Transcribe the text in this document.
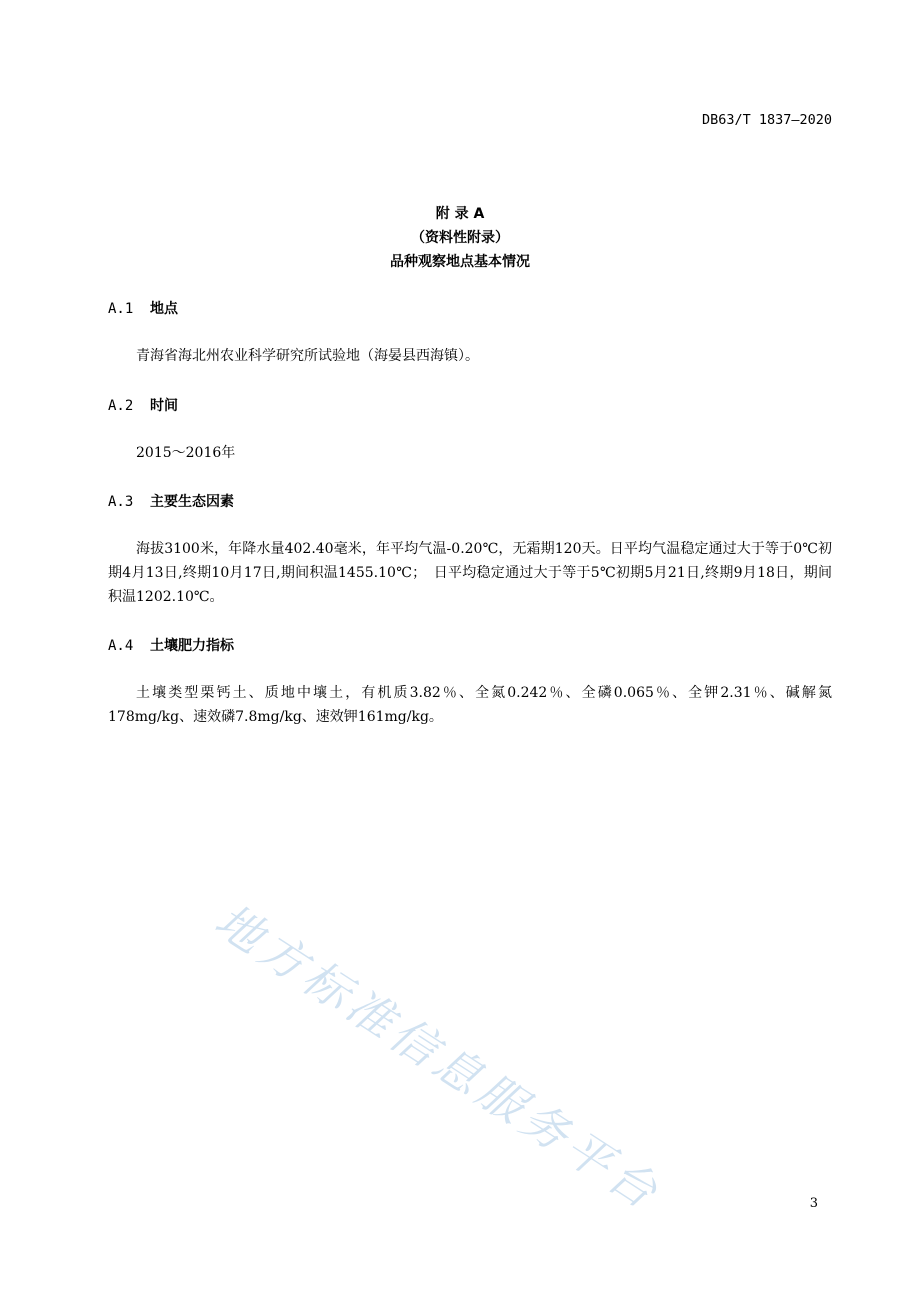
DB63/T 1837—2020
附 录 A
（资料性附录）
品种观察地点基本情况
A.1 地点
青海省海北州农业科学研究所试验地（海晏县西海镇）。
A.2 时间
2015～2016年
A.3 主要生态因素
海拔3100米，年降水量402.40毫米，年平均气温-0.20℃，无霜期120天。日平均气温稳定通过大于等于0℃初期4月13日,终期10月17日,期间积温1455.10℃；　日平均稳定通过大于等于5℃初期5月21日,终期9月18日，期间积温1202.10℃。
A.4 土壤肥力指标
土壤类型栗钙土、质地中壤土，有机质3.82％、全氮0.242％、全磷0.065％、全钾2.31％、碱解氮178mg/kg、速效磷7.8mg/kg、速效钾161mg/kg。
地方标准信息服务平台	3
